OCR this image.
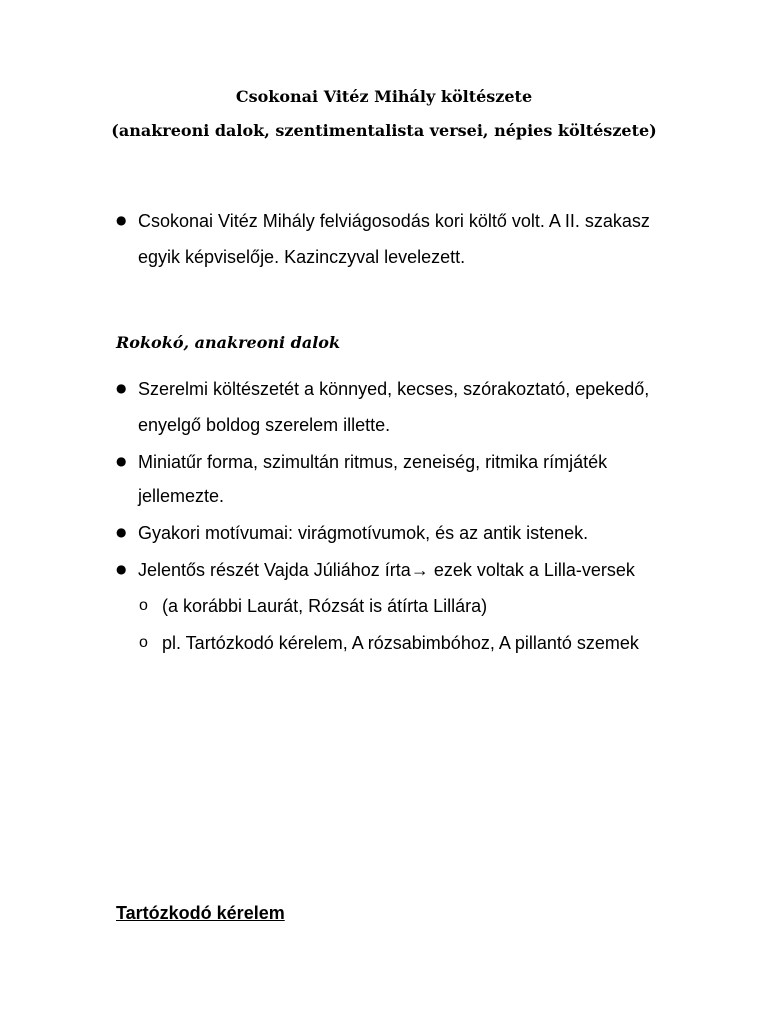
Csokonai Vitéz Mihály költészete
(anakreoni dalok, szentimentalista versei, népies költészete)
● Csokonai Vitéz Mihály felviágosodás kori költő volt. A II. szakasz
egyik képviselője. Kazinczyval levelezett.
Rokokó, anakreoni dalok
● Szerelmi költészetét a könnyed, kecses, szórakoztató, epekedő,
enyelgő boldog szerelem illette.
● Miniatűr forma, szimultán ritmus, zeneiség, ritmika rímjáték
jellemezte.
● Gyakori motívumai: virágmotívumok, és az antik istenek.
● Jelentős részét Vajda Júliához írta→ ezek voltak a Lilla-versek
o (a korábbi Laurát, Rózsát is átírta Lillára)
o pl. Tartózkodó kérelem, A rózsabimbóhoz, A pillantó szemek
Tartózkodó kérelem
